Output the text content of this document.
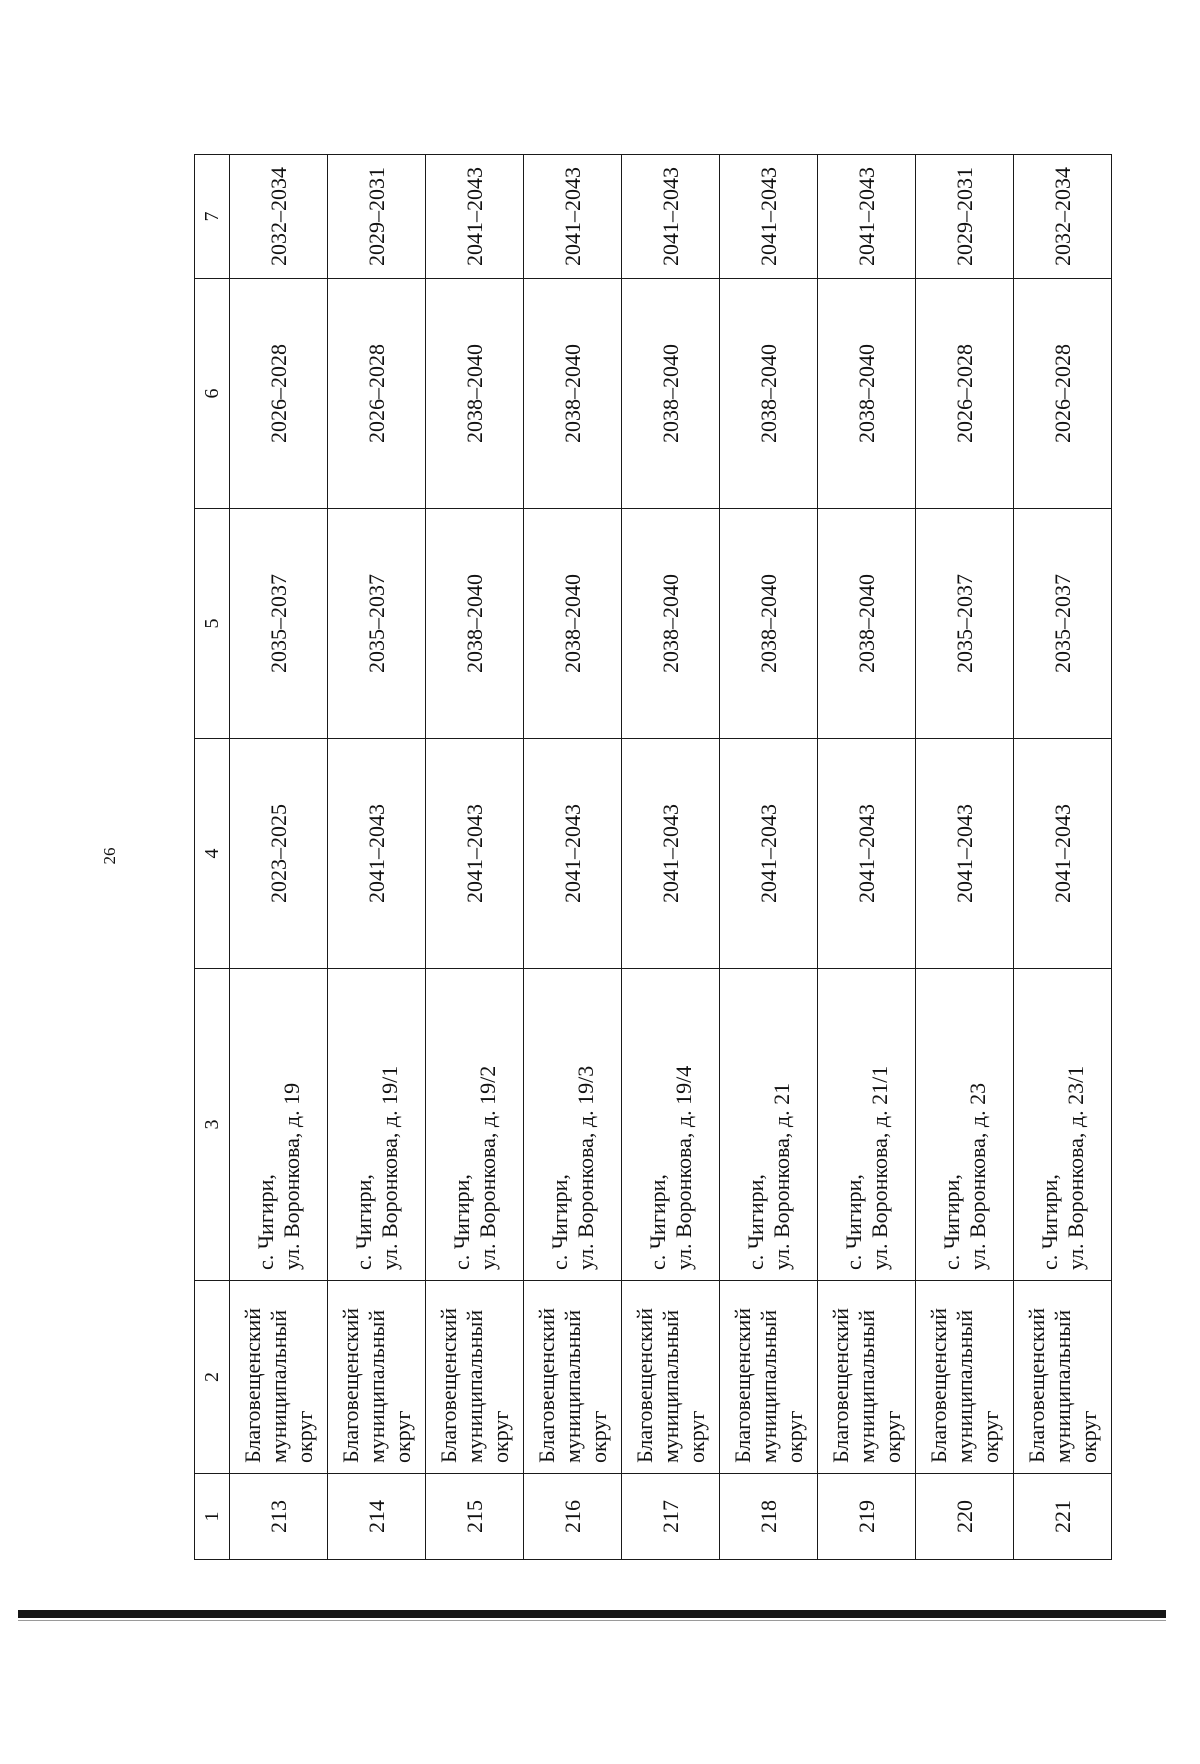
26
1	2	3	4	5	6	7
213	Благовещенский муниципальный округ	с. Чигири, ул. Воронкова, д. 19	2023–2025	2035–2037	2026–2028	2032–2034
214	Благовещенский муниципальный округ	с. Чигири, ул. Воронкова, д. 19/1	2041–2043	2035–2037	2026–2028	2029–2031
215	Благовещенский муниципальный округ	с. Чигири, ул. Воронкова, д. 19/2	2041–2043	2038–2040	2038–2040	2041–2043
216	Благовещенский муниципальный округ	с. Чигири, ул. Воронкова, д. 19/3	2041–2043	2038–2040	2038–2040	2041–2043
217	Благовещенский муниципальный округ	с. Чигири, ул. Воронкова, д. 19/4	2041–2043	2038–2040	2038–2040	2041–2043
218	Благовещенский муниципальный округ	с. Чигири, ул. Воронкова, д. 21	2041–2043	2038–2040	2038–2040	2041–2043
219	Благовещенский муниципальный округ	с. Чигири, ул. Воронкова, д. 21/1	2041–2043	2038–2040	2038–2040	2041–2043
220	Благовещенский муниципальный округ	с. Чигири, ул. Воронкова, д. 23	2041–2043	2035–2037	2026–2028	2029–2031
221	Благовещенский муниципальный округ	с. Чигири, ул. Воронкова, д. 23/1	2041–2043	2035–2037	2026–2028	2032–2034
